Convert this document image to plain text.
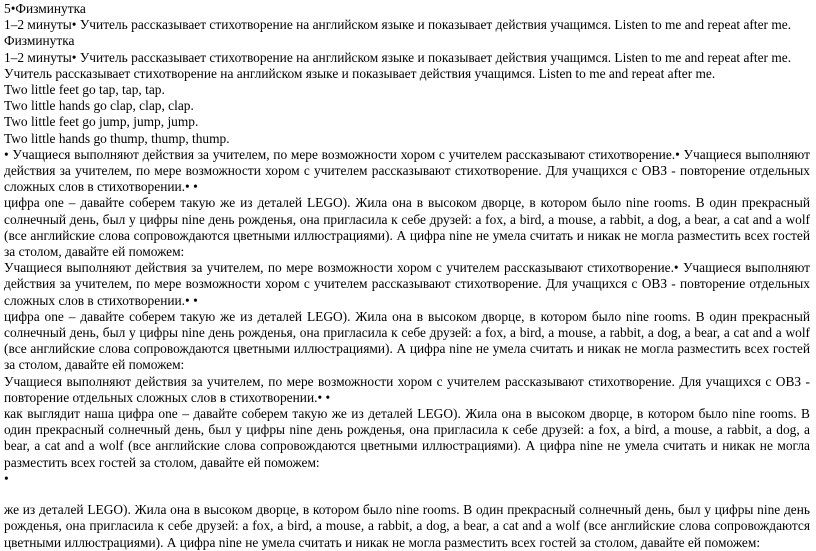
5•Физминутка
1–2 минуты• Учитель рассказывает стихотворение на английском языке и показывает действия учащимся. Listen to me and repeat after me.
Физминутка
1–2 минуты• Учитель рассказывает стихотворение на английском языке и показывает действия учащимся. Listen to me and repeat after me.
Учитель рассказывает стихотворение на английском языке и показывает действия учащимся. Listen to me and repeat after me.
Two little feet go tap, tap, tap.
Two little hands go clap, clap, clap.
Two little feet go jump, jump, jump.
Two little hands go thump, thump, thump.
• Учащиеся выполняют действия за учителем, по мере возможности хором с учителем рассказывают стихотворение.• Учащиеся выполняют действия за учителем, по мере возможности хором с учителем рассказывают стихотворение. Для учащихся с ОВЗ - повторение отдельных сложных слов в стихотворении.• •
цифра one – давайте соберем такую же из деталей LEGO). Жила она в высоком дворце, в котором было nine rooms. В один прекрасный солнечный день, был у цифры nine день рожденья, она пригласила к себе друзей: a fox, a bird, a mouse, a rabbit, a dog, a bear, a cat and a wolf (все английские слова сопровождаются цветными иллюстрациями). А цифра nine не умела считать и никак не могла разместить всех гостей за столом, давайте ей поможем:
Учащиеся выполняют действия за учителем, по мере возможности хором с учителем рассказывают стихотворение.• Учащиеся выполняют действия за учителем, по мере возможности хором с учителем рассказывают стихотворение. Для учащихся с ОВЗ - повторение отдельных сложных слов в стихотворении.• •
цифра one – давайте соберем такую же из деталей LEGO). Жила она в высоком дворце, в котором было nine rooms. В один прекрасный солнечный день, был у цифры nine день рожденья, она пригласила к себе друзей: a fox, a bird, a mouse, a rabbit, a dog, a bear, a cat and a wolf (все английские слова сопровождаются цветными иллюстрациями). А цифра nine не умела считать и никак не могла разместить всех гостей за столом, давайте ей поможем:
Учащиеся выполняют действия за учителем, по мере возможности хором с учителем рассказывают стихотворение. Для учащихся с ОВЗ - повторение отдельных сложных слов в стихотворении.• •
как выглядит наша цифра one – давайте соберем такую же из деталей LEGO). Жила она в высоком дворце, в котором было nine rooms. В один прекрасный солнечный день, был у цифры nine день рожденья, она пригласила к себе друзей: a fox, a bird, a mouse, a rabbit, a dog, a bear, a cat and a wolf (все английские слова сопровождаются цветными иллюстрациями). А цифра nine не умела считать и никак не могла разместить всех гостей за столом, давайте ей поможем:
•
же из деталей LEGO). Жила она в высоком дворце, в котором было nine rooms. В один прекрасный солнечный день, был у цифры nine день рожденья, она пригласила к себе друзей: a fox, a bird, a mouse, a rabbit, a dog, a bear, a cat and a wolf (все английские слова сопровождаются цветными иллюстрациями). А цифра nine не умела считать и никак не могла разместить всех гостей за столом, давайте ей поможем:
